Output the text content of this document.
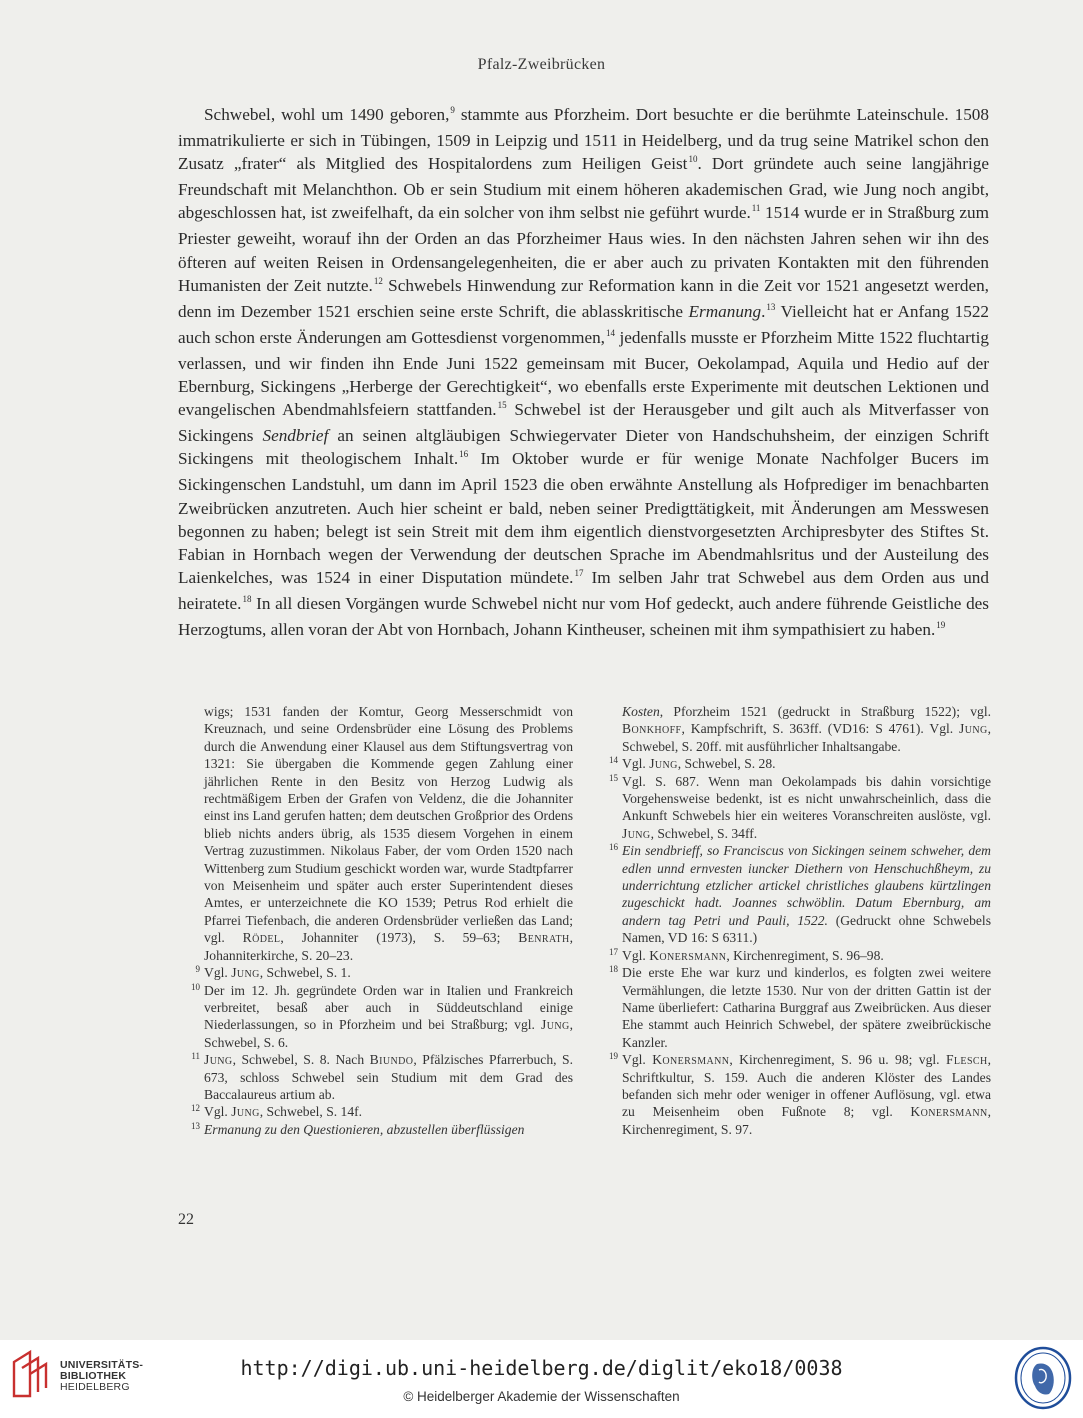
Pfalz-Zweibrücken

Schwebel, wohl um 1490 geboren,$^9$ stammte aus Pforzheim. Dort besuchte er die berühmte Lateinschule. 1508 immatrikulierte er sich in Tübingen, 1509 in Leipzig und 1511 in Heidelberg, und da trug seine Matrikel schon den Zusatz „frater“ als Mitglied des Hospitalordens zum Heiligen Geist$^{10}$. Dort gründete auch seine langjährige Freundschaft mit Melanchthon. Ob er sein Studium mit einem höheren akademischen Grad, wie Jung noch angibt, abgeschlossen hat, ist zweifelhaft, da ein solcher von ihm selbst nie geführt wurde.$^{11}$ 1514 wurde er in Straßburg zum Priester geweiht, worauf ihn der Orden an das Pforzheimer Haus wies. In den nächsten Jahren sehen wir ihn des öfteren auf weiten Reisen in Ordensangelegenheiten, die er aber auch zu privaten Kontakten mit den führenden Humanisten der Zeit nutzte.$^{12}$ Schwebels Hinwendung zur Reformation kann in die Zeit vor 1521 angesetzt werden, denn im Dezember 1521 erschien seine erste Schrift, die ablasskritische Ermanung.$^{13}$ Vielleicht hat er Anfang 1522 auch schon erste Änderungen am Gottesdienst vorgenommen,$^{14}$ jedenfalls musste er Pforzheim Mitte 1522 fluchtartig verlassen, und wir finden ihn Ende Juni 1522 gemeinsam mit Bucer, Oekolampad, Aquila und Hedio auf der Ebernburg, Sickingens „Herberge der Gerechtigkeit“, wo ebenfalls erste Experimente mit deutschen Lektionen und evangelischen Abendmahlsfeiern stattfanden.$^{15}$ Schwebel ist der Herausgeber und gilt auch als Mitverfasser von Sickingens Sendbrief an seinen altgläubigen Schwiegervater Dieter von Handschuhsheim, der einzigen Schrift Sickingens mit theologischem Inhalt.$^{16}$ Im Oktober wurde er für wenige Monate Nachfolger Bucers im Sickingenschen Landstuhl, um dann im April 1523 die oben erwähnte Anstellung als Hofprediger im benachbarten Zweibrücken anzutreten. Auch hier scheint er bald, neben seiner Predigttätigkeit, mit Änderungen am Messwesen begonnen zu haben; belegt ist sein Streit mit dem ihm eigentlich dienstvorgesetzten Archipresbyter des Stiftes St. Fabian in Hornbach wegen der Verwendung der deutschen Sprache im Abendmahlsritus und der Austeilung des Laienkelches, was 1524 in einer Disputation mündete.$^{17}$ Im selben Jahr trat Schwebel aus dem Orden aus und heiratete.$^{18}$ In all diesen Vorgängen wurde Schwebel nicht nur vom Hof gedeckt, auch andere führende Geistliche des Herzogtums, allen voran der Abt von Hornbach, Johann Kintheuser, scheinen mit ihm sympathisiert zu haben.$^{19}$

wigs; 1531 fanden der Komtur, Georg Messerschmidt von Kreuznach, und seine Ordensbrüder eine Lösung des Problems durch die Anwendung einer Klausel aus dem Stiftungsvertrag von 1321: Sie übergaben die Kommende gegen Zahlung einer jährlichen Rente in den Besitz von Herzog Ludwig als rechtmäßigem Erben der Grafen von Veldenz, die die Johanniter einst ins Land gerufen hatten; dem deutschen Großprior des Ordens blieb nichts anders übrig, als 1535 diesem Vorgehen in einem Vertrag zuzustimmen. Nikolaus Faber, der vom Orden 1520 nach Wittenberg zum Studium geschickt worden war, wurde Stadtpfarrer von Meisenheim und später auch erster Superintendent dieses Amtes, er unterzeichnete die KO 1539; Petrus Rod erhielt die Pfarrei Tiefenbach, die anderen Ordensbrüder verließen das Land; vgl. Rödel, Johanniter (1973), S. 59–63; Benrath, Johanniterkirche, S. 20–23.

9 Vgl. Jung, Schwebel, S. 1.

10 Der im 12. Jh. gegründete Orden war in Italien und Frankreich verbreitet, besaß aber auch in Süddeutschland einige Niederlassungen, so in Pforzheim und bei Straßburg; vgl. Jung, Schwebel, S. 6.

11 Jung, Schwebel, S. 8. Nach Biundo, Pfälzisches Pfarrerbuch, S. 673, schloss Schwebel sein Studium mit dem Grad des Baccalaureus artium ab.

12 Vgl. Jung, Schwebel, S. 14f.

13 Ermanung zu den Questionieren, abzustellen überflüssigen

Kosten, Pforzheim 1521 (gedruckt in Straßburg 1522); vgl. Bonkhoff, Kampfschrift, S. 363ff. (VD16: S 4761). Vgl. Jung, Schwebel, S. 20ff. mit ausführlicher Inhaltsangabe.

14 Vgl. Jung, Schwebel, S. 28.

15 Vgl. S. 687. Wenn man Oekolampads bis dahin vorsichtige Vorgehensweise bedenkt, ist es nicht unwahrscheinlich, dass die Ankunft Schwebels hier ein weiteres Voranschreiten auslöste, vgl. Jung, Schwebel, S. 34ff.

16 Ein sendbrieff, so Franciscus von Sickingen seinem schweher, dem edlen unnd ernvesten iuncker Diethern von Henschuchßheym, zu underrichtung etzlicher artickel christliches glaubens kürtzlingen zugeschickt hadt. Joannes schwöblin. Datum Ebernburg, am andern tag Petri und Pauli, 1522. (Gedruckt ohne Schwebels Namen, VD 16: S 6311.)

17 Vgl. Konersmann, Kirchenregiment, S. 96–98.

18 Die erste Ehe war kurz und kinderlos, es folgten zwei weitere Vermählungen, die letzte 1530. Nur von der dritten Gattin ist der Name überliefert: Catharina Burggraf aus Zweibrücken. Aus dieser Ehe stammt auch Heinrich Schwebel, der spätere zweibrückische Kanzler.

19 Vgl. Konersmann, Kirchenregiment, S. 96 u. 98; vgl. Flesch, Schriftkultur, S. 159. Auch die anderen Klöster des Landes befanden sich mehr oder weniger in offener Auflösung, vgl. etwa zu Meisenheim oben Fußnote 8; vgl. Konersmann, Kirchenregiment, S. 97.

22
UNIVERSITÄTS-
BIBLIOTHEK
HEIDELBERG
http://digi.ub.uni-heidelberg.de/diglit/eko18/0038
© Heidelberger Akademie der Wissenschaften
